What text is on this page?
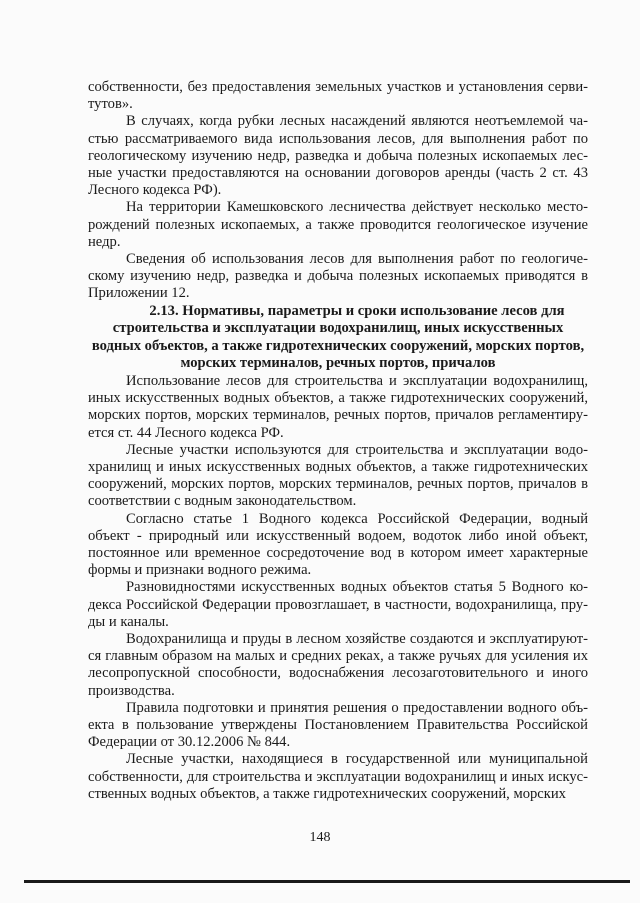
собственности, без предоставления земельных участков и установления сервитутов».

В случаях, когда рубки лесных насаждений являются неотъемлемой частью рассматриваемого вида использования лесов, для выполнения работ по геологическому изучению недр, разведка и добыча полезных ископаемых лесные участки предоставляются на основании договоров аренды (часть 2 ст. 43 Лесного кодекса РФ).

На территории Камешковского лесничества действует несколько месторождений полезных ископаемых, а также проводится геологическое изучение недр.

Сведения об использования лесов для выполнения работ по геологическому изучению недр, разведка и добыча полезных ископаемых приводятся в Приложении 12.

2.13. Нормативы, параметры и сроки использование лесов для строительства и эксплуатации водохранилищ, иных искусственных водных объектов, а также гидротехнических сооружений, морских портов, морских терминалов, речных портов, причалов

Использование лесов для строительства и эксплуатации водохранилищ, иных искусственных водных объектов, а также гидротехнических сооружений, морских портов, морских терминалов, речных портов, причалов регламентируется ст. 44 Лесного кодекса РФ.

Лесные участки используются для строительства и эксплуатации водохранилищ и иных искусственных водных объектов, а также гидротехнических сооружений, морских портов, морских терминалов, речных портов, причалов в соответствии с водным законодательством.

Согласно статье 1 Водного кодекса Российской Федерации, водный объект - природный или искусственный водоем, водоток либо иной объект, постоянное или временное сосредоточение вод в котором имеет характерные формы и признаки водного режима.

Разновидностями искусственных водных объектов статья 5 Водного кодекса Российской Федерации провозглашает, в частности, водохранилища, пруды и каналы.

Водохранилища и пруды в лесном хозяйстве создаются и эксплуатируются главным образом на малых и средних реках, а также ручьях для усиления их лесопропускной способности, водоснабжения лесозаготовительного и иного производства.

Правила подготовки и принятия решения о предоставлении водного объекта в пользование утверждены Постановлением Правительства Российской Федерации от 30.12.2006 № 844.

Лесные участки, находящиеся в государственной или муниципальной собственности, для строительства и эксплуатации водохранилищ и иных искусственных водных объектов, а также гидротехнических сооружений, морских

148
